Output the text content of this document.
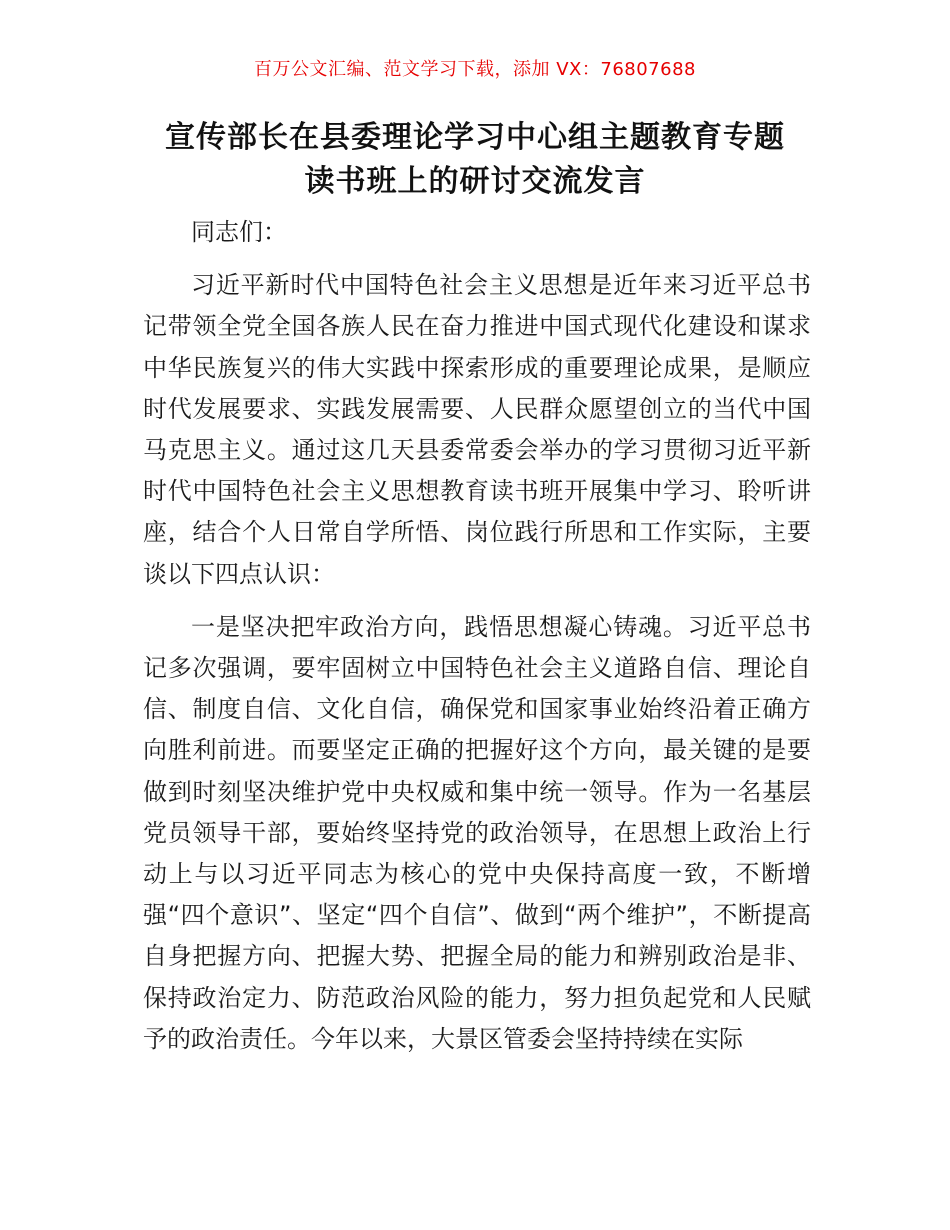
百万公文汇编、范文学习下载，添加 VX：76807688
宣传部长在县委理论学习中心组主题教育专题
读书班上的研讨交流发言

同志们：

习近平新时代中国特色社会主义思想是近年来习近平总书记带领全党全国各族人民在奋力推进中国式现代化建设和谋求中华民族复兴的伟大实践中探索形成的重要理论成果，是顺应时代发展要求、实践发展需要、人民群众愿望创立的当代中国马克思主义。通过这几天县委常委会举办的学习贯彻习近平新时代中国特色社会主义思想教育读书班开展集中学习、聆听讲座，结合个人日常自学所悟、岗位践行所思和工作实际，主要谈以下四点认识：

一是坚决把牢政治方向，践悟思想凝心铸魂。习近平总书记多次强调，要牢固树立中国特色社会主义道路自信、理论自信、制度自信、文化自信，确保党和国家事业始终沿着正确方向胜利前进。而要坚定正确的把握好这个方向，最关键的是要做到时刻坚决维护党中央权威和集中统一领导。作为一名基层党员领导干部，要始终坚持党的政治领导，在思想上政治上行动上与以习近平同志为核心的党中央保持高度一致，不断增强“四个意识”、坚定“四个自信”、做到“两个维护”，不断提高自身把握方向、把握大势、把握全局的能力和辨别政治是非、保持政治定力、防范政治风险的能力，努力担负起党和人民赋予的政治责任。今年以来，大景区管委会坚持持续在实际
